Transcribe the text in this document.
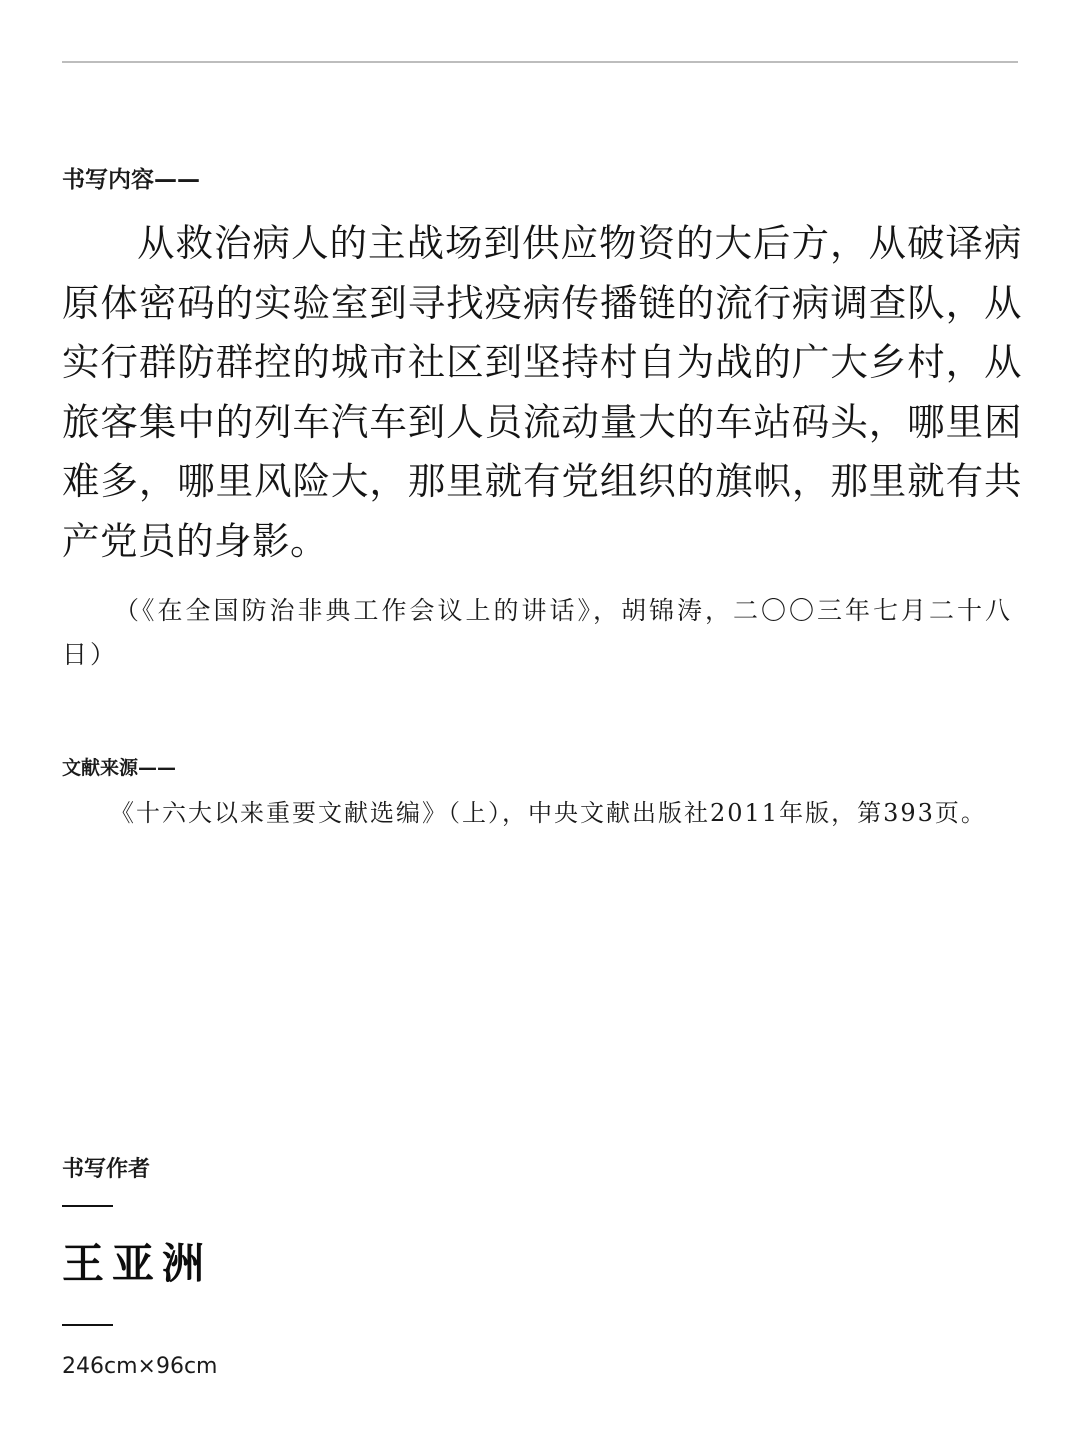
书写内容——

从救治病人的主战场到供应物资的大后方，从破译病原体密码的实验室到寻找疫病传播链的流行病调查队，从实行群防群控的城市社区到坚持村自为战的广大乡村，从旅客集中的列车汽车到人员流动量大的车站码头，哪里困难多，哪里风险大，那里就有党组织的旗帜，那里就有共产党员的身影。

（《在全国防治非典工作会议上的讲话》，胡锦涛，二〇〇三年七月二十八日）

文献来源——

《十六大以来重要文献选编》（上），中央文献出版社2011年版，第393页。

书写作者
王亚洲
246cm×96cm
